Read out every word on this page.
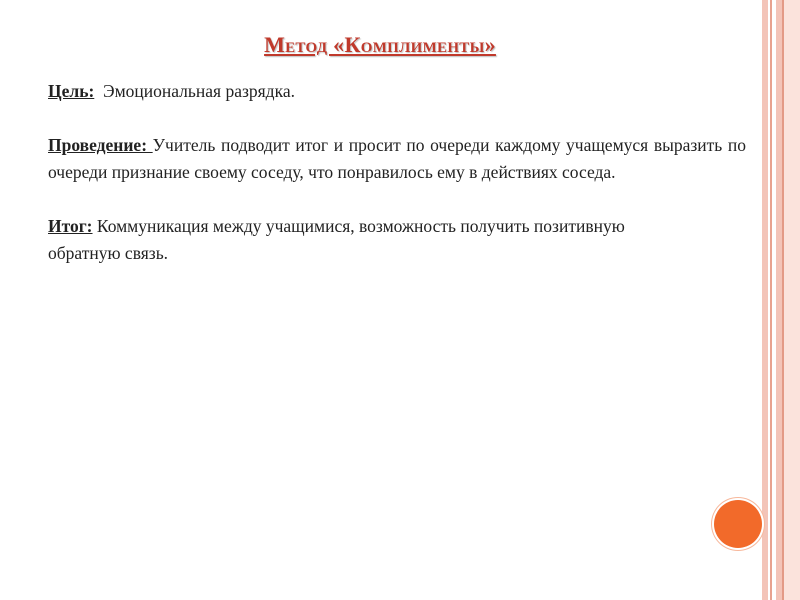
Метод «Комплименты»

Цель:  Эмоциональная разрядка.

Проведение: Учитель подводит итог и просит по очереди каждому учащемуся выразить по очереди признание своему соседу, что понравилось ему в действиях соседа.

Итог: Коммуникация между учащимися, возможность получить позитивную обратную связь.
